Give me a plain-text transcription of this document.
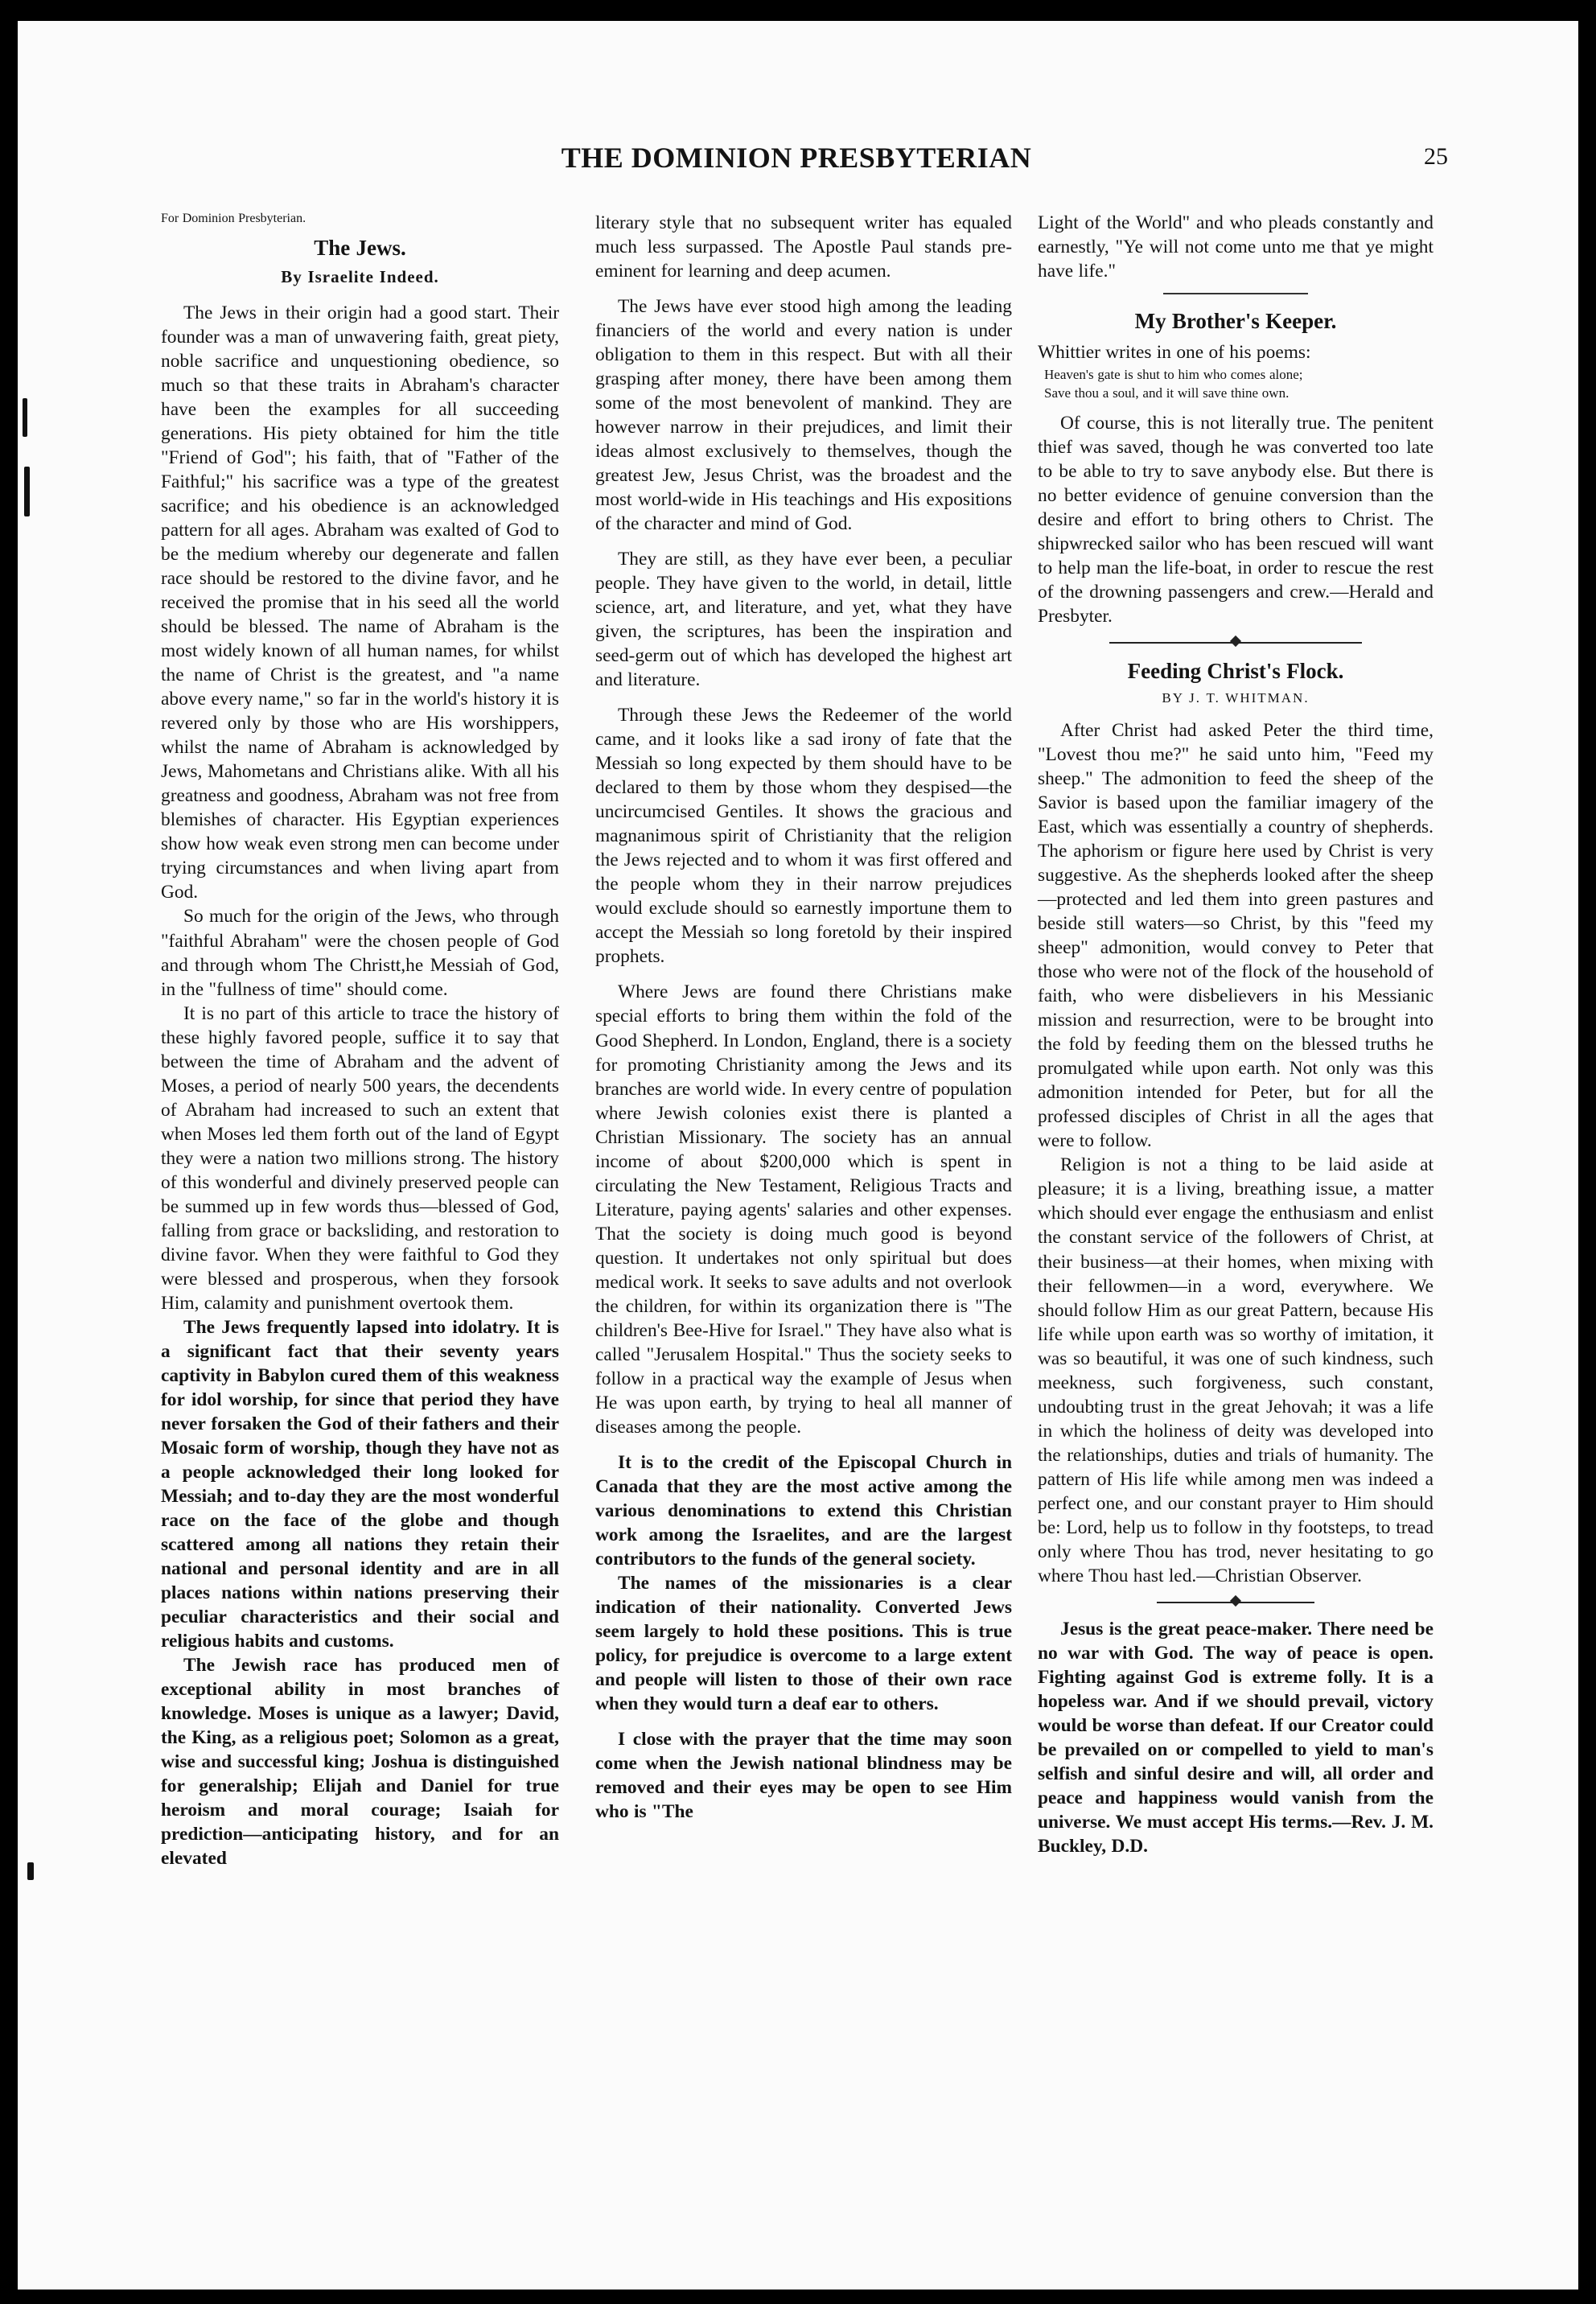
THE DOMINION PRESBYTERIAN	25
For Dominion Presbyterian.
The Jews.
By Israelite Indeed.

The Jews in their origin had a good start. Their founder was a man of unwavering faith, great piety, noble sacrifice and unquestioning obedience, so much so that these traits in Abraham's character have been the examples for all succeeding generations. His piety obtained for him the title "Friend of God"; his faith, that of "Father of the Faithful;" his sacrifice was a type of the greatest sacrifice; and his obedience is an acknowledged pattern for all ages. Abraham was exalted of God to be the medium whereby our degenerate and fallen race should be restored to the divine favor, and he received the promise that in his seed all the world should be blessed. The name of Abraham is the most widely known of all human names, for whilst the name of Christ is the greatest, and "a name above every name," so far in the world's history it is revered only by those who are His worshippers, whilst the name of Abraham is acknowledged by Jews, Mahometans and Christians alike. With all his greatness and goodness, Abraham was not free from blemishes of character. His Egyptian experiences show how weak even strong men can become under trying circumstances and when living apart from God.

So much for the origin of the Jews, who through "faithful Abraham" were the chosen people of God and through whom The Christt,he Messiah of God, in the "fullness of time" should come.

It is no part of this article to trace the history of these highly favored people, suffice it to say that between the time of Abraham and the advent of Moses, a period of nearly 500 years, the decendents of Abraham had increased to such an extent that when Moses led them forth out of the land of Egypt they were a nation two millions strong. The history of this wonderful and divinely preserved people can be summed up in few words thus—blessed of God, falling from grace or backsliding, and restoration to divine favor. When they were faithful to God they were blessed and prosperous, when they forsook Him, calamity and punishment overtook them.

The Jews frequently lapsed into idolatry. It is a significant fact that their seventy years captivity in Babylon cured them of this weakness for idol worship, for since that period they have never forsaken the God of their fathers and their Mosaic form of worship, though they have not as a people acknowledged their long looked for Messiah; and to-day they are the most wonderful race on the face of the globe and though scattered among all nations they retain their national and personal identity and are in all places nations within nations preserving their peculiar characteristics and their social and religious habits and customs.

The Jewish race has produced men of exceptional ability in most branches of knowledge. Moses is unique as a lawyer; David, the King, as a religious poet; Solomon as a great, wise and successful king; Joshua is distinguished for generalship; Elijah and Daniel for true heroism and moral courage; Isaiah for prediction—anticipating history, and for an elevated

literary style that no subsequent writer has equaled much less surpassed. The Apostle Paul stands pre-eminent for learning and deep acumen.

The Jews have ever stood high among the leading financiers of the world and every nation is under obligation to them in this respect. But with all their grasping after money, there have been among them some of the most benevolent of mankind. They are however narrow in their prejudices, and limit their ideas almost exclusively to themselves, though the greatest Jew, Jesus Christ, was the broadest and the most world-wide in His teachings and His expositions of the character and mind of God.

They are still, as they have ever been, a peculiar people. They have given to the world, in detail, little science, art, and literature, and yet, what they have given, the scriptures, has been the inspiration and seed-germ out of which has developed the highest art and literature.

Through these Jews the Redeemer of the world came, and it looks like a sad irony of fate that the Messiah so long expected by them should have to be declared to them by those whom they despised—the uncircumcised Gentiles. It shows the gracious and magnanimous spirit of Christianity that the religion the Jews rejected and to whom it was first offered and the people whom they in their narrow prejudices would exclude should so earnestly importune them to accept the Messiah so long foretold by their inspired prophets.

Where Jews are found there Christians make special efforts to bring them within the fold of the Good Shepherd. In London, England, there is a society for promoting Christianity among the Jews and its branches are world wide. In every centre of population where Jewish colonies exist there is planted a Christian Missionary. The society has an annual income of about $200,000 which is spent in circulating the New Testament, Religious Tracts and Literature, paying agents' salaries and other expenses. That the society is doing much good is beyond question. It undertakes not only spiritual but does medical work. It seeks to save adults and not overlook the children, for within its organization there is "The children's Bee-Hive for Israel." They have also what is called "Jerusalem Hospital." Thus the society seeks to follow in a practical way the example of Jesus when He was upon earth, by trying to heal all manner of diseases among the people.

It is to the credit of the Episcopal Church in Canada that they are the most active among the various denominations to extend this Christian work among the Israelites, and are the largest contributors to the funds of the general society.

The names of the missionaries is a clear indication of their nationality. Converted Jews seem largely to hold these positions. This is true policy, for prejudice is overcome to a large extent and people will listen to those of their own race when they would turn a deaf ear to others.

I close with the prayer that the time may soon come when the Jewish national blindness may be removed and their eyes may be open to see Him who is "The

Light of the World" and who pleads constantly and earnestly, "Ye will not come unto me that ye might have life."

My Brother's Keeper.

Whittier writes in one of his poems:

Heaven's gate is shut to him who comes alone;
Save thou a soul, and it will save thine own.

Of course, this is not literally true. The penitent thief was saved, though he was converted too late to be able to try to save anybody else. But there is no better evidence of genuine conversion than the desire and effort to bring others to Christ. The shipwrecked sailor who has been rescued will want to help man the life-boat, in order to rescue the rest of the drowning passengers and crew.—Herald and Presbyter.

Feeding Christ's Flock.
BY J. T. WHITMAN.

After Christ had asked Peter the third time, "Lovest thou me?" he said unto him, "Feed my sheep." The admonition to feed the sheep of the Savior is based upon the familiar imagery of the East, which was essentially a country of shepherds. The aphorism or figure here used by Christ is very suggestive. As the shepherds looked after the sheep—protected and led them into green pastures and beside still waters—so Christ, by this "feed my sheep" admonition, would convey to Peter that those who were not of the flock of the household of faith, who were disbelievers in his Messianic mission and resurrection, were to be brought into the fold by feeding them on the blessed truths he promulgated while upon earth. Not only was this admonition intended for Peter, but for all the professed disciples of Christ in all the ages that were to follow.

Religion is not a thing to be laid aside at pleasure; it is a living, breathing issue, a matter which should ever engage the enthusiasm and enlist the constant service of the followers of Christ, at their business—at their homes, when mixing with their fellowmen—in a word, everywhere. We should follow Him as our great Pattern, because His life while upon earth was so worthy of imitation, it was so beautiful, it was one of such kindness, such meekness, such forgiveness, such constant, undoubting trust in the great Jehovah; it was a life in which the holiness of deity was developed into the relationships, duties and trials of humanity. The pattern of His life while among men was indeed a perfect one, and our constant prayer to Him should be: Lord, help us to follow in thy footsteps, to tread only where Thou has trod, never hesitating to go where Thou hast led.—Christian Observer.

Jesus is the great peace-maker. There need be no war with God. The way of peace is open. Fighting against God is extreme folly. It is a hopeless war. And if we should prevail, victory would be worse than defeat. If our Creator could be prevailed on or compelled to yield to man's selfish and sinful desire and will, all order and peace and happiness would vanish from the universe. We must accept His terms.—Rev. J. M. Buckley, D.D.
